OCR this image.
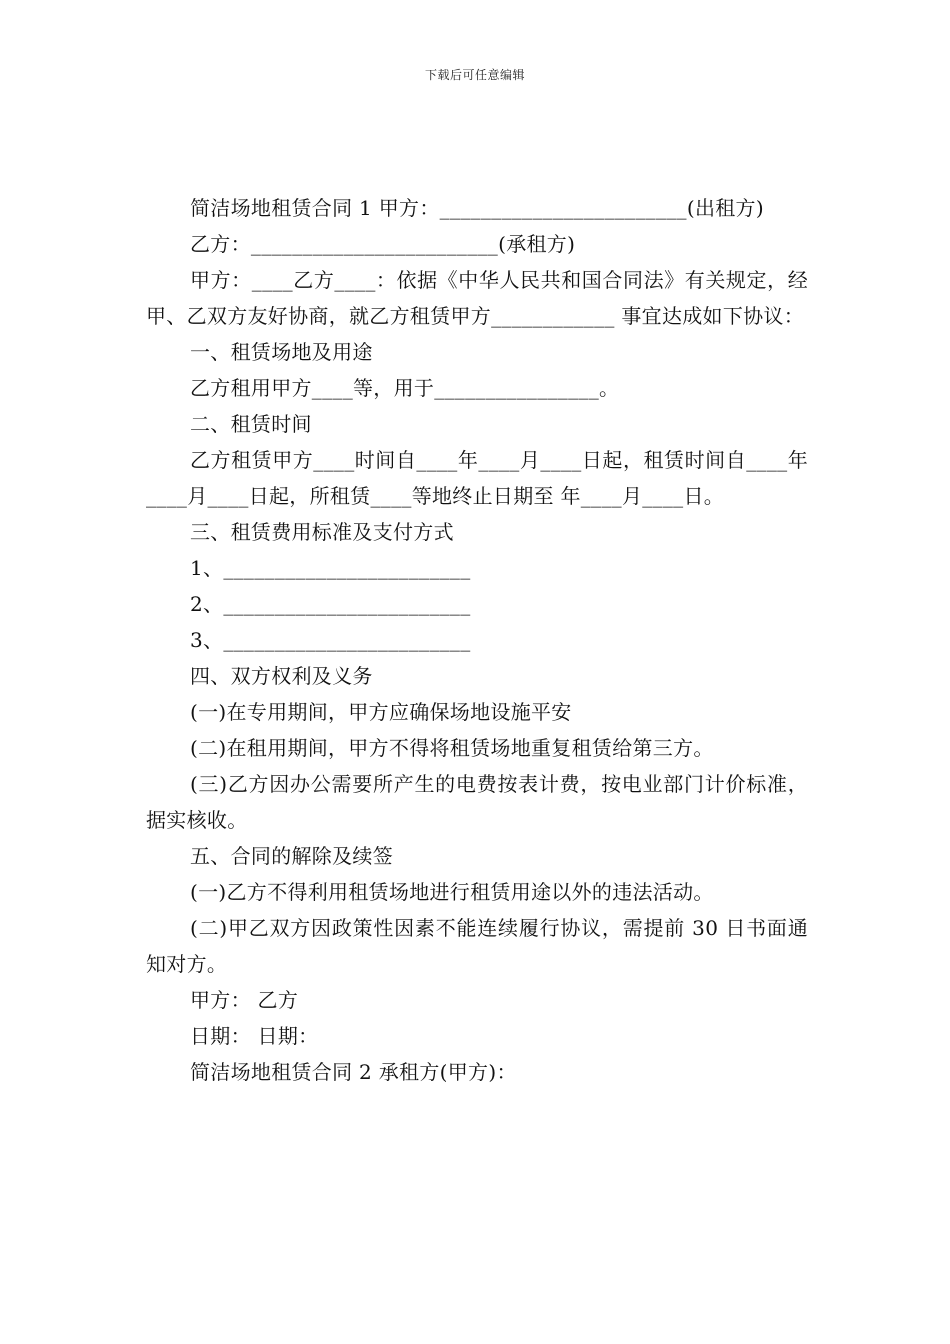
下载后可任意编辑

简洁场地租赁合同 1 甲方：________________________(出租方)

乙方：________________________(承租方)

甲方：____乙方____：依据《中华人民共和国合同法》有关规定，经甲、乙双方友好协商，就乙方租赁甲方____________ 事宜达成如下协议：

一、租赁场地及用途

乙方租用甲方____等，用于________________。

二、租赁时间

乙方租赁甲方____时间自____年____月____日起，租赁时间自____年____月____日起，所租赁____等地终止日期至 年____月____日。

三、租赁费用标准及支付方式

1、________________________

2、________________________

3、________________________

四、双方权利及义务

(一)在专用期间，甲方应确保场地设施平安

(二)在租用期间，甲方不得将租赁场地重复租赁给第三方。

(三)乙方因办公需要所产生的电费按表计费，按电业部门计价标准，据实核收。

五、合同的解除及续签

(一)乙方不得利用租赁场地进行租赁用途以外的违法活动。

(二)甲乙双方因政策性因素不能连续履行协议，需提前 30 日书面通知对方。

甲方： 乙方

日期： 日期：

简洁场地租赁合同 2 承租方(甲方)：
